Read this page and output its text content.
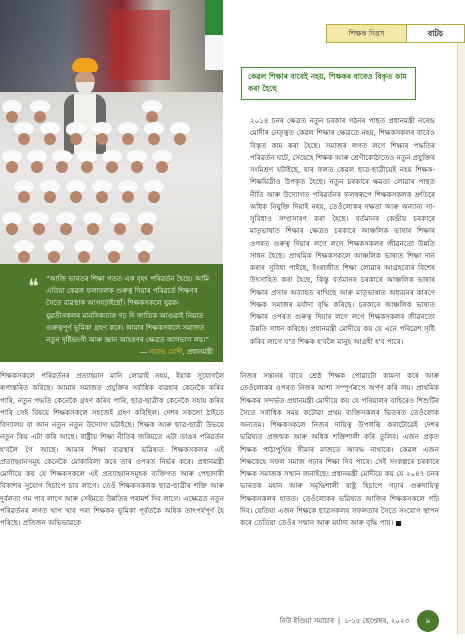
শিক্ষক দিৱস	বাটচ
❝ “আজি ভাৰতৰ শিক্ষা গতত এক বৃহৎ পৰিৱৰ্তন হৈছে। আমি এতিয়া কেৱল ফলাফলক গুৰুত্ব দিয়াৰ পৰিৱৰ্তে শিক্ষণৰ সৈতে ব্যৱস্থাক আগবঢ়াইছোঁ। শিক্ষকসকলে যুৱক-যুৱতীসকলৰ মানসিকতাক গঢ় দি জাতিক আগুৱাই নিয়াত গুৰুত্বপূৰ্ণ ভূমিকা গ্ৰহণ কৰে। আমাৰ শিক্ষকসকলে সমাজত নতুন দৃষ্টিভংগী আৰু জ্ঞান আহৰণৰ ক্ষেত্ৰত আগভাগ লয়।”
— নৰেন্দ্ৰ মোদী, প্ৰধানমন্ত্ৰী
কেৱল শিক্ষাৰ বাবেই নহয়, শিক্ষকৰ বাবেও বিকৃত কাম কৰা হৈছে
২০১৪ চনৰ ক্ষেত্ৰত নতুন চৰকাৰ গঠনৰ পাছত প্ৰধানমন্ত্ৰী নৰেন্দ্ৰ মোদীৰ নেতৃত্বত কেৱল শিক্ষাৰ ক্ষেত্ৰতে নহয়, শিক্ষকসকলৰ বাবেও বিস্তৃত কাম কৰা হৈছে। সমাজৰ লগত লগে শিক্ষাৰ পদ্ধতিৰ পৰিৱৰ্তন ঘটে, সেয়েহে শিক্ষক আৰু শ্ৰেণীকোঠাতেও নতুন প্ৰযুক্তিৰ সংমিশ্ৰণ ঘটাইছে, যাৰ ফলত কেৱল ছাত্ৰ-ছাত্ৰীয়েই নহয় শিক্ষক-শিক্ষয়িত্ৰীও উপকৃত হৈছে। নতুন চৰকাৰে ক্ষমতা লোৱাৰ পাছত নীতি আৰু উদ্যোগত পৰিৱৰ্তনৰ ফলস্বৰূপে শিক্ষকসকলক দ্ৰুতিৰে অধিক নিযুক্তি দিয়াই নহয়, তেওঁলোকৰ দক্ষতা আৰু অন্যান্য সা-সুবিধাও সম্প্ৰসাৰণ কৰা হৈছে। বৰ্তমানৰ কেন্দ্ৰীয় চৰকাৰে মাতৃভাষাত শিক্ষাৰ ক্ষেত্ৰত চৰকাৰে আঞ্চলিক ভাষাৰ শিক্ষাৰ ওপৰত গুৰুত্ব দিয়াৰ লগে লগে শিক্ষকসকলৰ জীৱনতো উন্নতি সাধন হৈছে। প্ৰাথমিক শিক্ষকসকলে আঞ্চলিক ভাষাত শিক্ষা দান কৰাৰ সুবিধা পাইছে, ইংৰাজীত শিক্ষা লোৱাৰ আগ্ৰহবোৰ বিশেষ উৎসাহিত কৰা হৈছে, কিন্তু বৰ্তমানৰ চৰকাৰে আঞ্চলিক ভাষাৰ শিক্ষাৰ প্ৰসাৰ অব্যাহত ৰাখিছে আৰু মাতৃভাষাত অধ্যয়নৰ কাৰণে শিক্ষক সমাজৰ মৰ্যাদা বৃদ্ধি কৰিছে। চৰকাৰে আঞ্চলিক ভাষাত শিক্ষাৰ ওপৰত গুৰুত্ব দিয়াৰ লগে লগে শিক্ষকসকলৰ জীৱনতো উন্নতি সাধন কৰিছে। প্ৰধানমন্ত্ৰী মোদীয়ে কয় যে এনে পৰিৱেশ সৃষ্টি কৰিব লাগে য'ত শিক্ষক হ'বলৈ মানুহ আগ্ৰহী হ'ব পাৰে।
শিক্ষকসকলে পৰিৱৰ্তনৰ প্ৰত্যাহ্বান মানি লোৱাই নহয়, ইয়াক সুযোগলৈ ৰূপান্তৰিত কৰিছে। আমাৰ সমাজত প্ৰযুক্তিৰ সৰ্বাধিক ব্যৱহাৰ কেনেকৈ কৰিব পাৰি, নতুন পদ্ধতি কেনেকৈ গ্ৰহণ কৰিব পাৰি, ছাত্ৰ-ছাত্ৰীক কেনেকৈ সহায় কৰিব পাৰি সেই বিষয়ে শিক্ষকসকলে সহজেই গ্ৰহণ কৰিছিল। দেশৰ সকলো ঠাইতে বিদ্যালয় বা আন নতুন নতুন উদ্যোগ ঘটাইছে। শিক্ষক আৰু ছাত্ৰ-ছাত্ৰী উভয়ে নতুন কিয় এটা কৰি আছে। ৰাষ্ট্ৰীয় শিক্ষা নীতিৰ জৰিয়তে এটা ডাঙৰ পৰিৱৰ্তন হ'বলৈ গৈ আছে। আমাৰ শিক্ষা ব্যৱস্থাৰ ভৱিষ্যত শিক্ষকসকলৰ এই প্ৰত্যাহ্বানসমূহ কেনেকৈ মোকাবিলা কৰে তাৰ ওপৰত নিৰ্ভৰ কৰে। প্ৰধানমন্ত্ৰী মোদীয়ে কয় যে শিক্ষকসকলে এই প্ৰত্যাহ্বানসমূহক ব্যক্তিগত আৰু পেছাদাৰী বিকাশৰ সুযোগ হিচাপে চাব লাগে। তেওঁ শিক্ষকসকলক ছাত্ৰ-ছাত্ৰীৰ শক্তি আৰু দুৰ্বলতা গম পাব লাগে আৰু সেইমতে উন্নতিৰ পৰামৰ্শ দিব লাগে। এক্ষেত্ৰত নতুন পৰিৱৰ্তনৰ লগত খাপ খাব পৰা শিক্ষকৰ ভূমিকা পূৰ্বতকৈ অধিক তাৎপৰ্যপূৰ্ণ হৈ পৰিছে। প্ৰতিজন অভিভাৱকে
নিজৰ সন্তানৰ বাবে শ্ৰেষ্ঠ শিক্ষক পোৱাটো কামনা কৰে আৰু তেওঁলোকৰ ওপৰত নিজৰ আশা সম্পূৰ্ণৰূপে অৰ্পণ কৰি লয়। প্ৰাথমিক শিক্ষকৰ সন্দৰ্ভত প্ৰধানমন্ত্ৰী মোদীয়ে কয় যে পৰিয়ালৰ বাহিৰেও শিশুটিৰ সৈতে সৰ্বাধিক সময় কটোৱা প্ৰথম ব্যক্তিসকলৰ ভিতৰত তেওঁলোক অন্যতম। শিক্ষকসকলে নিজৰ দায়িত্ব উপলব্ধি কৰাটোৱেই দেশৰ ভৱিষ্যত প্ৰজন্মক আৰু অধিক শক্তিশালী কৰি তুলিব। এজন প্ৰকৃত শিক্ষক পাঠ্যপুথিৰ সীমাৰ মাজতে আবদ্ধ নাথাকে। কেৱল এজন শিক্ষকেহে সফল সমাজ গঢ়াৰ শিক্ষা দিব পাৰে। সেই সংকল্পৰে চৰকাৰে শিক্ষক সমাজক সন্মান জনাইছে। প্ৰধানমন্ত্ৰী মোদীয়ে কয় যে ২০৪৭ চনৰ ভাৰতক মহান আৰু সমৃদ্ধিশালী ৰাষ্ট্ৰ হিচাপে গঢ়াৰ গুৰুদায়িত্ব শিক্ষকসকলৰ হাতত। তেওঁলোকৰ ভৱিষ্যত আজিৰ শিক্ষকসকলে গঢ়ি দিব। যেতিয়া এজন শিক্ষকে ছাত্ৰসকলৰ সফলতাৰ সৈতে সংযোগ স্থাপন কৰে তেতিয়া তেওঁৰ সন্মান আৰু মৰ্যাদা আৰু বৃদ্ধি পায়।
নিউ ইণ্ডিয়া সমাচাৰ | ১-১৫ ছেপ্তেম্বৰ, ২০২৩	৯
